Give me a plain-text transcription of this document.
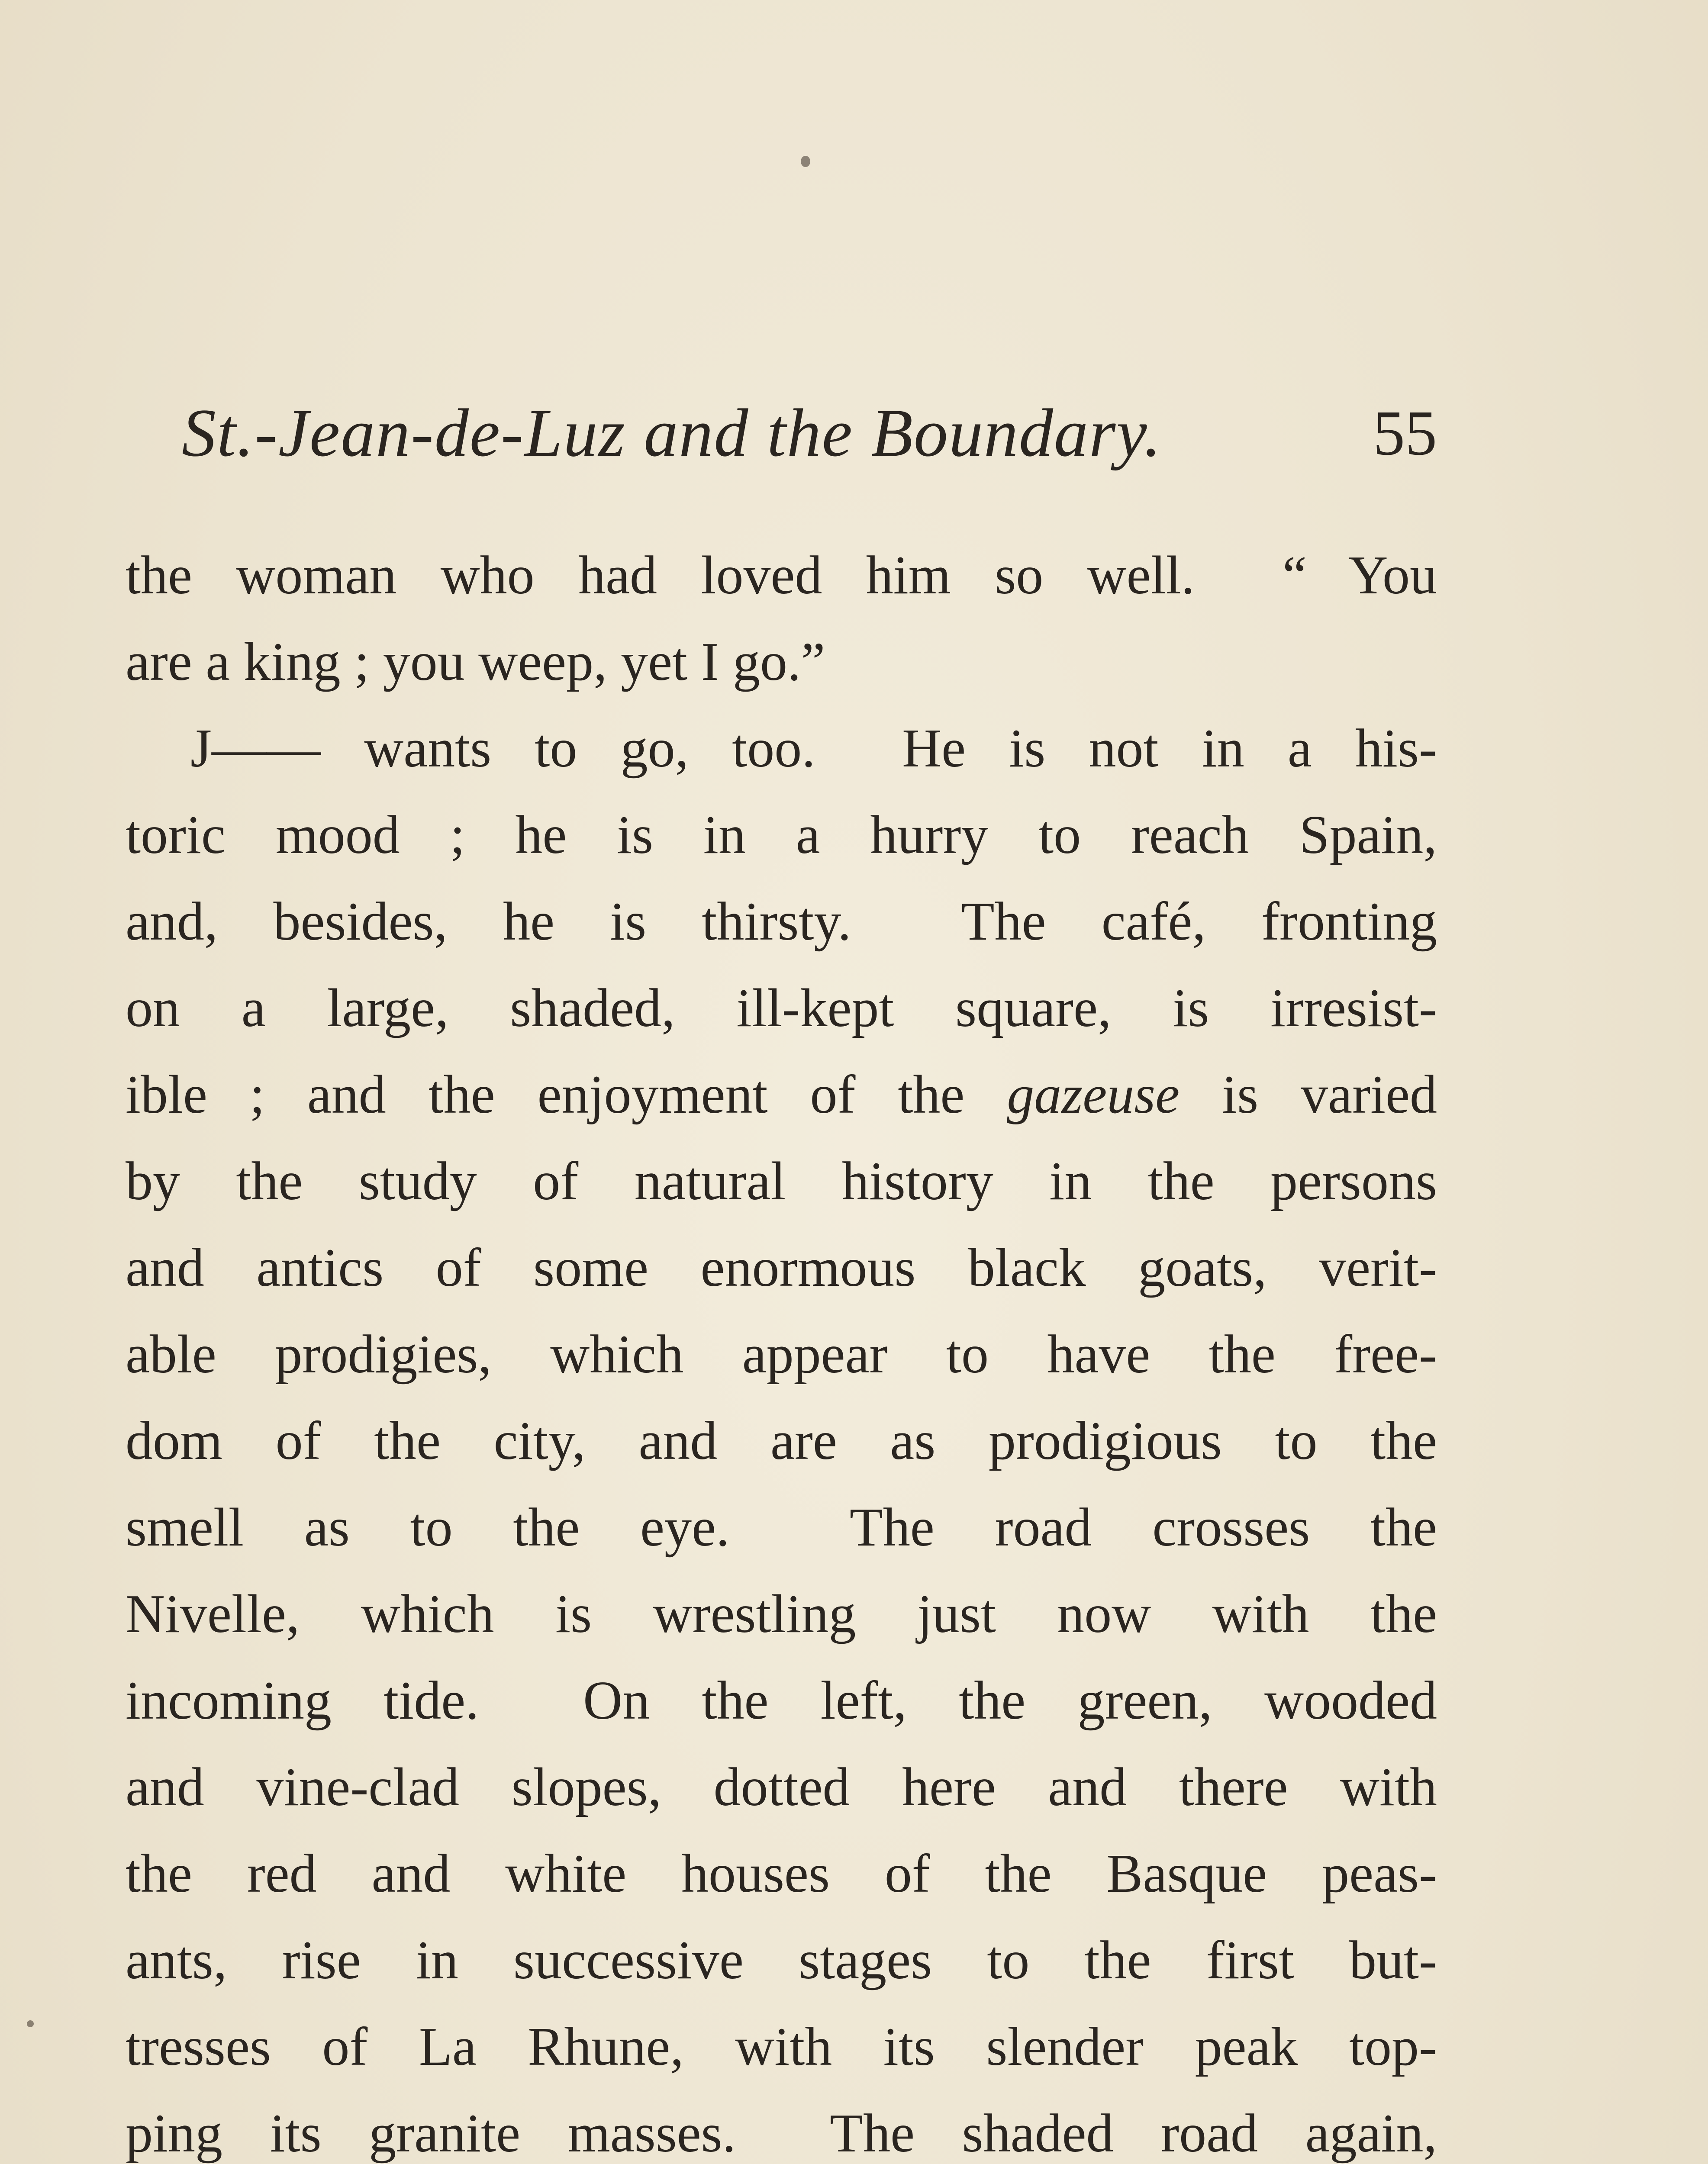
St.-Jean-de-Luz and the Boundary.	55
the woman who had loved him so well.  “ You
are a king ; you weep, yet I go.”
J—— wants to go, too.  He is not in a his-
toric mood ; he is in a hurry to reach Spain,
and, besides, he is thirsty.  The café, fronting
on a large, shaded, ill-kept square, is irresist-
ible ; and the enjoyment of the gazeuse is varied
by the study of natural history in the persons
and antics of some enormous black goats, verit-
able prodigies, which appear to have the free-
dom of the city, and are as prodigious to the
smell as to the eye.  The road crosses the
Nivelle, which is wrestling just now with the
incoming tide.  On the left, the green, wooded
and vine-clad slopes, dotted here and there with
the red and white houses of the Basque peas-
ants, rise in successive stages to the first but-
tresses of La Rhune, with its slender peak top-
ping its granite masses.  The shaded road again,
